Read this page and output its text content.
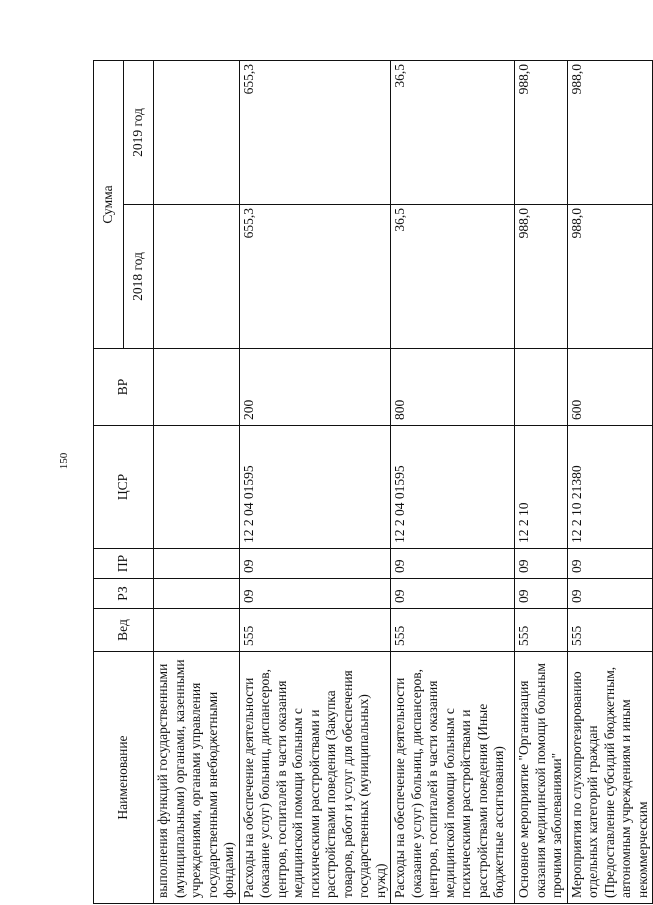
150
Наименование	Вед	РЗ	ПР	ЦСР	ВР	Сумма	
						2018 год	2019 год
выполнения функций государственными (муниципальными) органами, казенными учреждениями, органами управления государственными внебюджетными фондами)							
Расходы на обеспечение деятельности (оказание услуг) больниц, диспансеров, центров, госпиталей в части оказания медицинской помощи больным с психическими расстройствами и расстройствами поведения (Закупка товаров, работ и услуг для обеспечения государственных (муниципальных) нужд)	555	09	09	12 2 04 01595	200	655,3	655,3
Расходы на обеспечение деятельности (оказание услуг) больниц, диспансеров, центров, госпиталей в части оказания медицинской помощи больным с психическими расстройствами и расстройствами поведения (Иные бюджетные ассигнования)	555	09	09	12 2 04 01595	800	36,5	36,5
Основное мероприятие "Организация оказания медицинской помощи больным прочими заболеваниями"	555	09	09	12 2 10		988,0	988,0
Мероприятия по слухопротезированию отдельных категорий граждан (Предоставление субсидий бюджетным, автономным учреждениям и иным некоммерческим	555	09	09	12 2 10 21380	600	988,0	988,0
